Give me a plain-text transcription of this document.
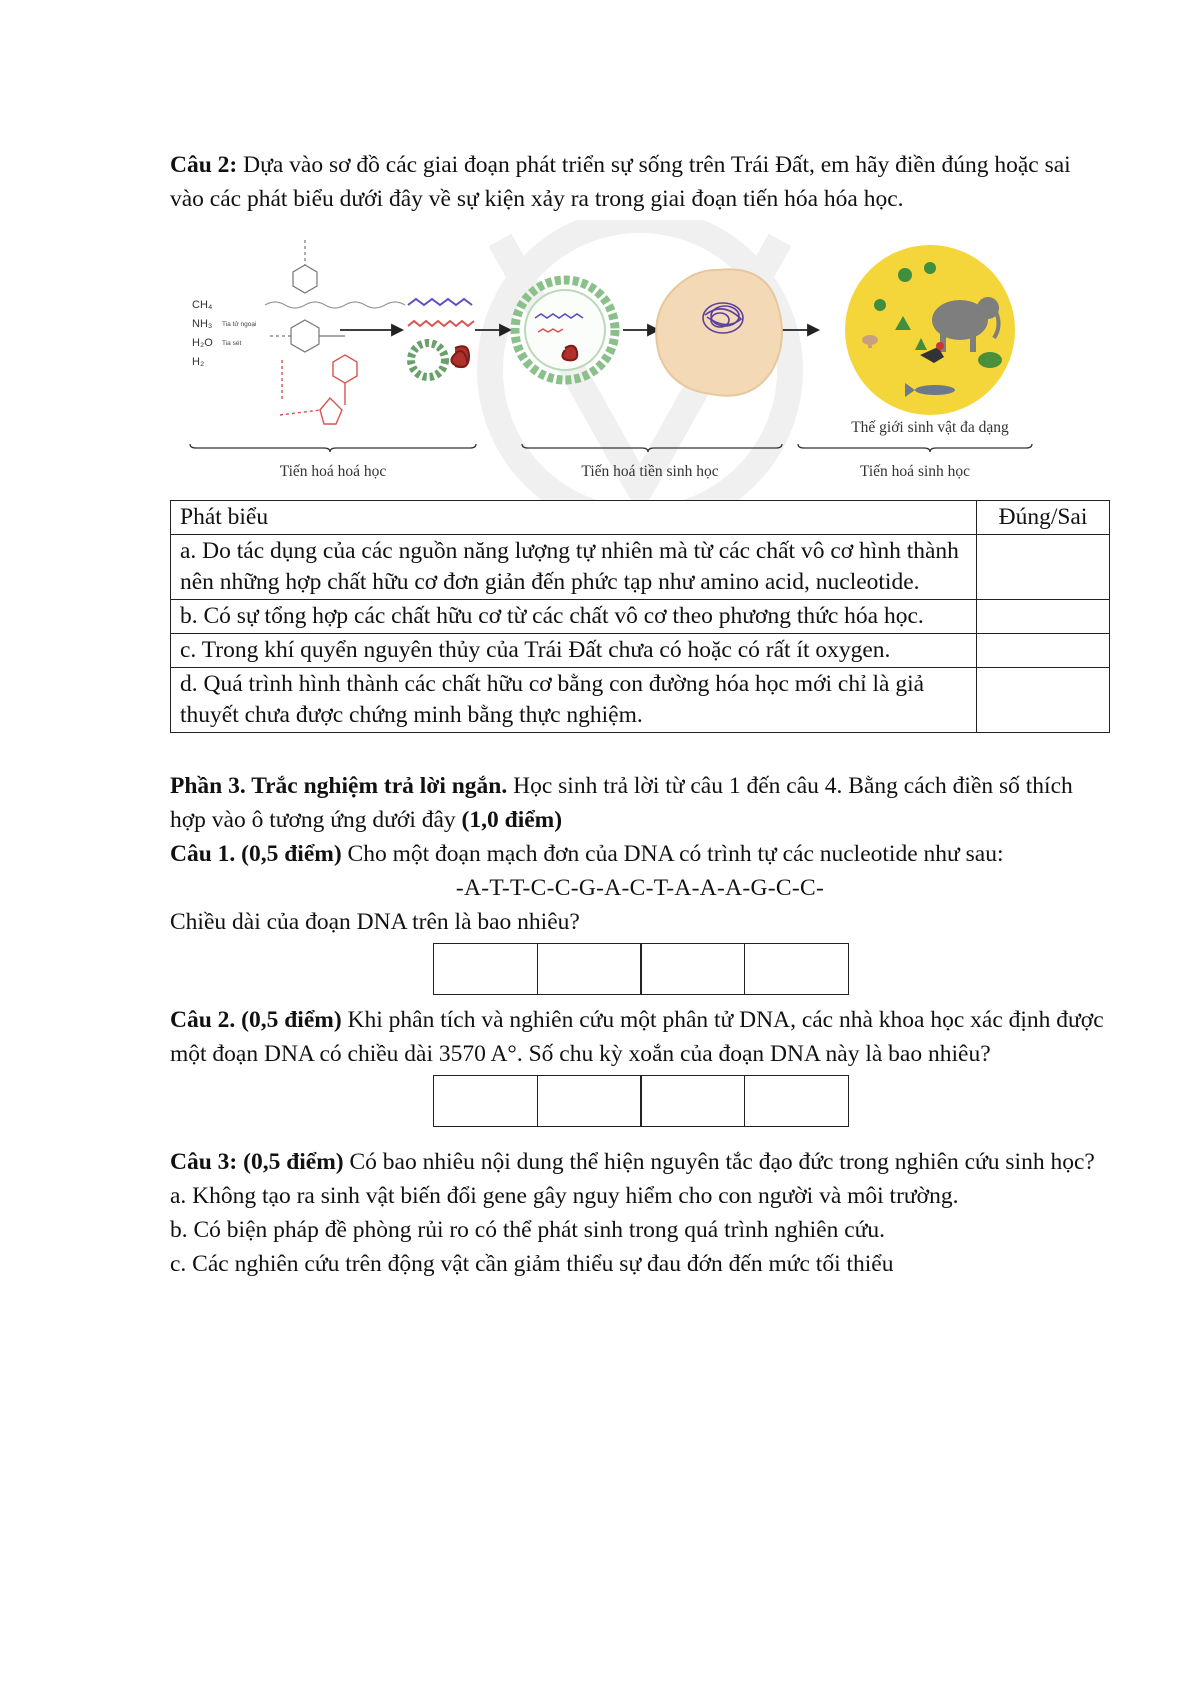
Câu 2: Dựa vào sơ đồ các giai đoạn phát triển sự sống trên Trái Đất, em hãy điền đúng hoặc sai vào các phát biểu dưới đây về sự kiện xảy ra trong giai đoạn tiến hóa hóa học.

CH₄
NH₃
H₂O
H₂
Tia tử ngoại
Tia sét
Thế giới sinh vật đa dạng
Tiến hoá hoá học	Tiến hoá tiền sinh học	Tiến hoá sinh học
Phát biểu	Đúng/Sai
a. Do tác dụng của các nguồn năng lượng tự nhiên mà từ các chất vô cơ hình thành nên những hợp chất hữu cơ đơn giản đến phức tạp như amino acid, nucleotide.	
b. Có sự tổng hợp các chất hữu cơ từ các chất vô cơ theo phương thức hóa học.	
c. Trong khí quyển nguyên thủy của Trái Đất chưa có hoặc có rất ít oxygen.	
d. Quá trình hình thành các chất hữu cơ bằng con đường hóa học mới chỉ là giả thuyết chưa được chứng minh bằng thực nghiệm.	

Phần 3. Trắc nghiệm trả lời ngắn. Học sinh trả lời từ câu 1 đến câu 4. Bằng cách điền số thích hợp vào ô tương ứng dưới đây (1,0 điểm)

Câu 1. (0,5 điểm) Cho một đoạn mạch đơn của DNA có trình tự các nucleotide như sau:

-A-T-T-C-C-G-A-C-T-A-A-A-G-C-C-

Chiều dài của đoạn DNA trên là bao nhiêu?

Câu 2. (0,5 điểm) Khi phân tích và nghiên cứu một phân tử DNA, các nhà khoa học xác định được một đoạn DNA có chiều dài 3570 A°. Số chu kỳ xoắn của đoạn DNA này là bao nhiêu?

Câu 3: (0,5 điểm) Có bao nhiêu nội dung thể hiện nguyên tắc đạo đức trong nghiên cứu sinh học?

a. Không tạo ra sinh vật biến đổi gene gây nguy hiểm cho con người và môi trường.

b. Có biện pháp đề phòng rủi ro có thể phát sinh trong quá trình nghiên cứu.

c. Các nghiên cứu trên động vật cần giảm thiểu sự đau đớn đến mức tối thiểu
